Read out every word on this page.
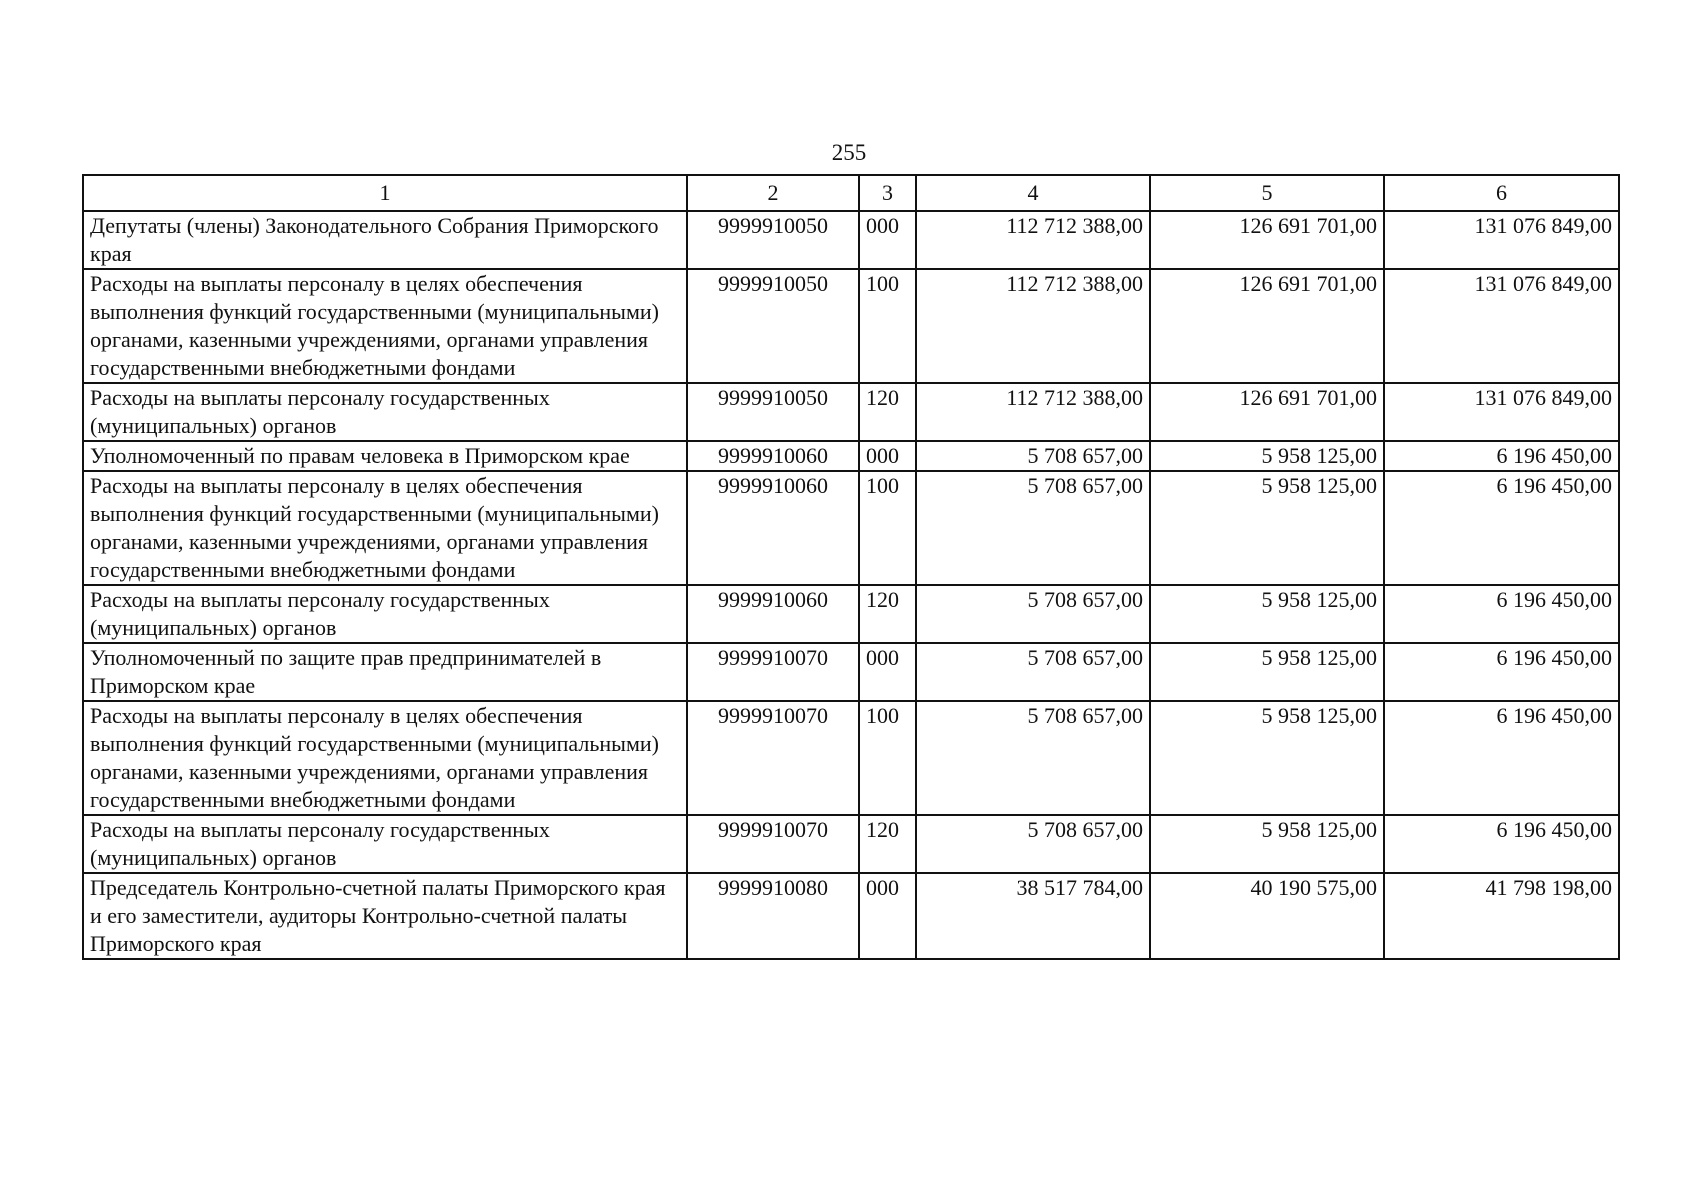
255
1	2	3	4	5	6
Депутаты (члены) Законодательного Собрания Приморского края	9999910050	000	112 712 388,00	126 691 701,00	131 076 849,00
Расходы на выплаты персоналу в целях обеспечения выполнения функций государственными (муниципальными) органами, казенными учреждениями, органами управления государственными внебюджетными фондами	9999910050	100	112 712 388,00	126 691 701,00	131 076 849,00
Расходы на выплаты персоналу государственных (муниципальных) органов	9999910050	120	112 712 388,00	126 691 701,00	131 076 849,00
Уполномоченный по правам человека в Приморском крае	9999910060	000	5 708 657,00	5 958 125,00	6 196 450,00
Расходы на выплаты персоналу в целях обеспечения выполнения функций государственными (муниципальными) органами, казенными учреждениями, органами управления государственными внебюджетными фондами	9999910060	100	5 708 657,00	5 958 125,00	6 196 450,00
Расходы на выплаты персоналу государственных (муниципальных) органов	9999910060	120	5 708 657,00	5 958 125,00	6 196 450,00
Уполномоченный по защите прав предпринимателей в Приморском крае	9999910070	000	5 708 657,00	5 958 125,00	6 196 450,00
Расходы на выплаты персоналу в целях обеспечения выполнения функций государственными (муниципальными) органами, казенными учреждениями, органами управления государственными внебюджетными фондами	9999910070	100	5 708 657,00	5 958 125,00	6 196 450,00
Расходы на выплаты персоналу государственных (муниципальных) органов	9999910070	120	5 708 657,00	5 958 125,00	6 196 450,00
Председатель Контрольно-счетной палаты Приморского края и его заместители, аудиторы Контрольно-счетной палаты Приморского края	9999910080	000	38 517 784,00	40 190 575,00	41 798 198,00
